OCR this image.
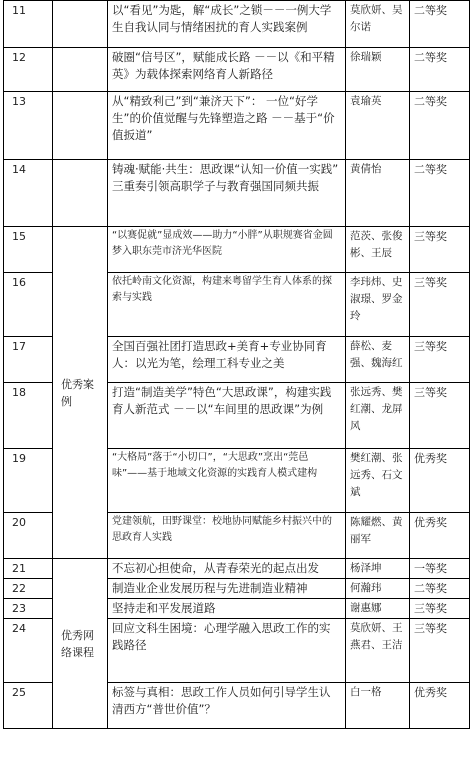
11		以“看见”为匙，解“成长”之锁－－一例大学生自我认同与情绪困扰的育人实践案例	莫欣妍、吴尔诺	二等奖
12		破圈“信号区”，赋能成长路 －－以《和平精英》为载体探索网络育人新路径	徐瑞颖	二等奖
13		从“精致利己”到“兼济天下”： 一位“好学生”的价值觉醒与先锋塑造之路 －－基于“价值扳道”	袁瑜英	二等奖
14		铸魂·赋能·共生：思政课“认知一价值一实践” 三重奏引领高职学子与教育强国同频共振	黄倩怡	二等奖
15	优秀案例	“以赛促就”显成效——助力“小胖”从职规赛省金圆梦入职东莞市济光华医院	范茨、张俊彬、王辰	三等奖
16		依托岭南文化资源，构建来粤留学生育人体系的探索与实践	李玮炜、史淑璟、罗金玲	三等奖
17		全国百强社团打造思政+美育+专业协同育人：以光为笔，绘理工科专业之美	薛松、麦强、魏海红	三等奖
18		打造“制造美学”特色“大思政课”，构建实践育人新范式 －－以“车间里的思政课”为例	张远秀、樊红潮、龙屏风	三等奖
19		“大格局”落于“小切口”，“大思政”烹出“莞邑味”——基于地域文化资源的实践育人模式建构	樊红潮、张远秀、石文斌	优秀奖
20		党建领航，田野课堂：校地协同赋能乡村振兴中的思政育人实践	陈耀燃、黄丽军	优秀奖
21	优秀网络课程	不忘初心担使命，从青春荣光的起点出发	杨泽坤	一等奖
22		制造业企业发展历程与先进制造业精神	何瀚玮	二等奖
23		坚持走和平发展道路	谢惠娜	三等奖
24		回应文科生困境：心理学融入思政工作的实践路径	莫欣妍、王燕君、王洁	三等奖
25		标签与真相：思政工作人员如何引导学生认清西方“普世价值”？	白一格	优秀奖
